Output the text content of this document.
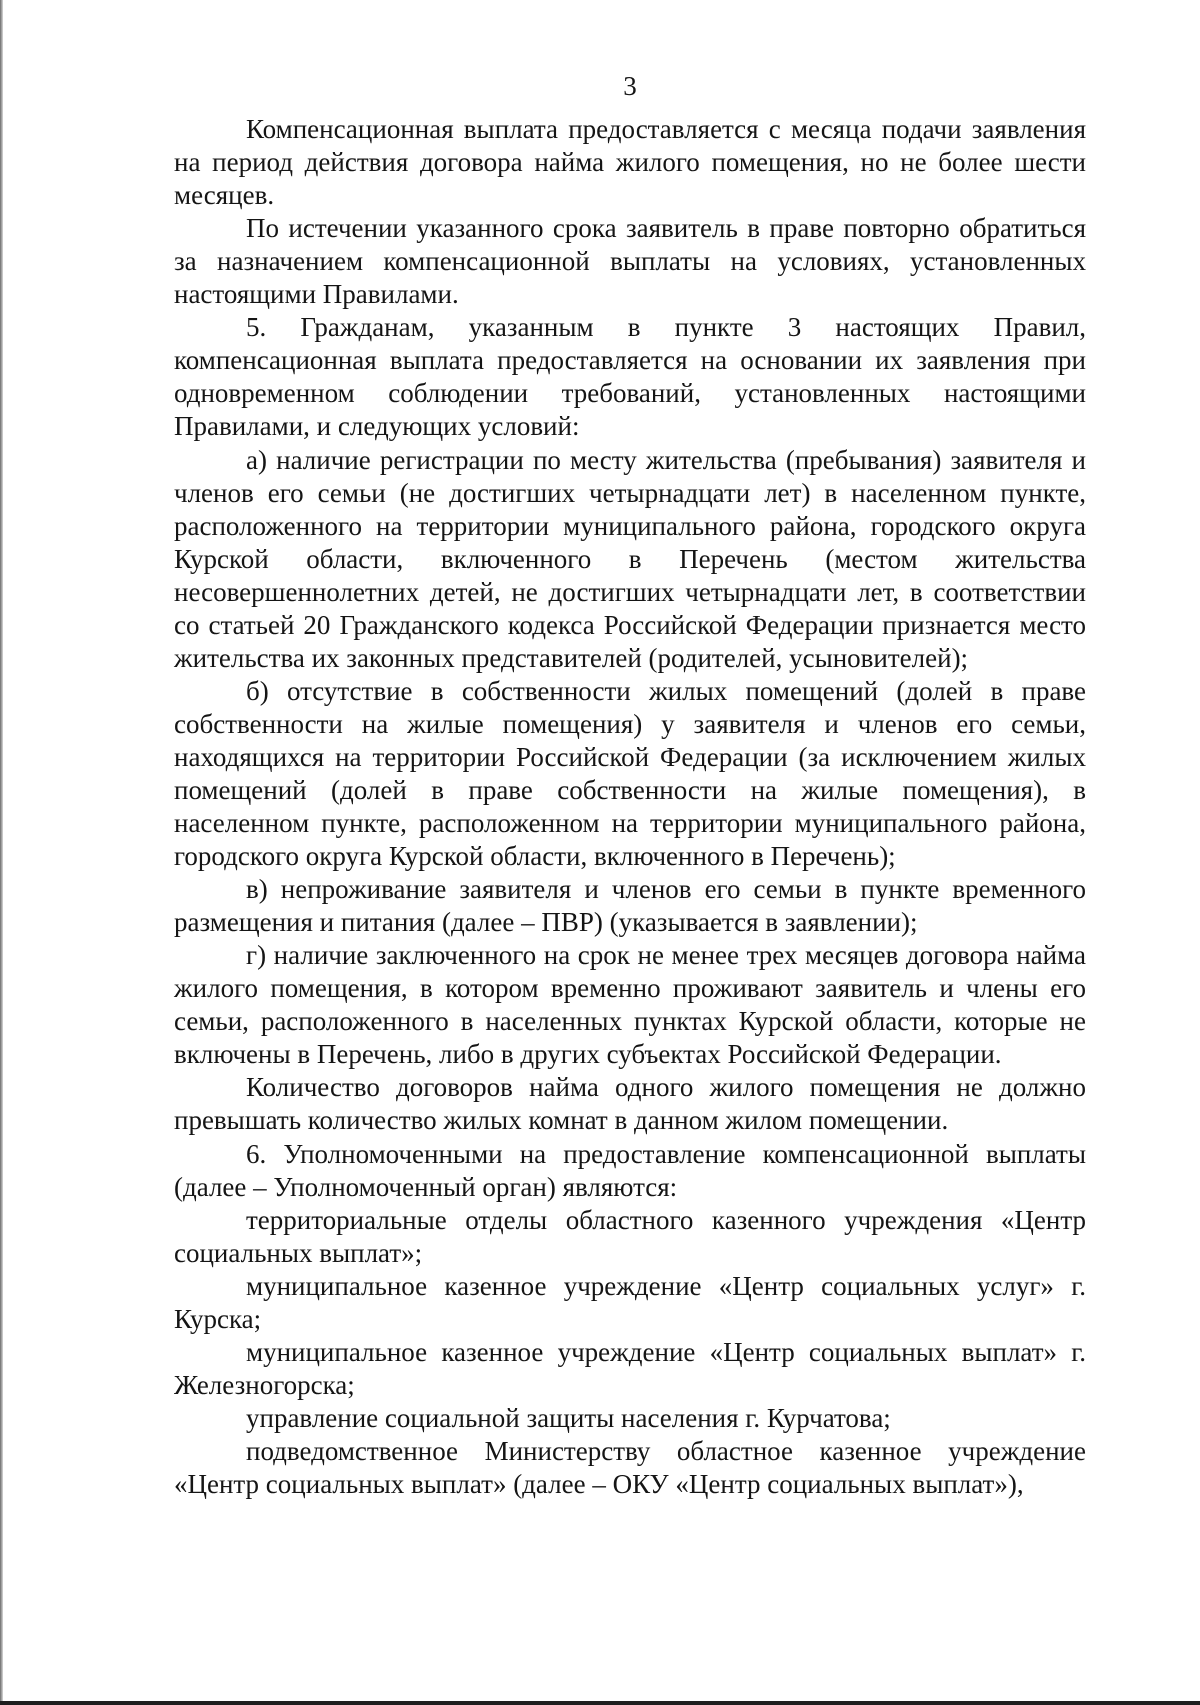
3

Компенсационная выплата предоставляется с месяца подачи заявления на период действия договора найма жилого помещения, но не более шести месяцев.

По истечении указанного срока заявитель в праве повторно обратиться за назначением компенсационной выплаты на условиях, установленных настоящими Правилами.

5. Гражданам, указанным в пункте 3 настоящих Правил, компенсационная выплата предоставляется на основании их заявления при одновременном соблюдении требований, установленных настоящими Правилами, и следующих условий:

а) наличие регистрации по месту жительства (пребывания) заявителя и членов его семьи (не достигших четырнадцати лет) в населенном пункте, расположенного на территории муниципального района, городского округа Курской области, включенного в Перечень (местом жительства несовершеннолетних детей, не достигших четырнадцати лет, в соответствии со статьей 20 Гражданского кодекса Российской Федерации признается место жительства их законных представителей (родителей, усыновителей);

б) отсутствие в собственности жилых помещений (долей в праве собственности на жилые помещения) у заявителя и членов его семьи, находящихся на территории Российской Федерации (за исключением жилых помещений (долей в праве собственности на жилые помещения), в населенном пункте, расположенном на территории муниципального района, городского округа Курской области, включенного в Перечень);

в) непроживание заявителя и членов его семьи в пункте временного размещения и питания (далее – ПВР) (указывается в заявлении);

г) наличие заключенного на срок не менее трех месяцев договора найма жилого помещения, в котором временно проживают заявитель и члены его семьи, расположенного в населенных пунктах Курской области, которые не включены в Перечень, либо в других субъектах Российской Федерации.

Количество договоров найма одного жилого помещения не должно превышать количество жилых комнат в данном жилом помещении.

6. Уполномоченными на предоставление компенсационной выплаты (далее – Уполномоченный орган) являются:

территориальные отделы областного казенного учреждения «Центр социальных выплат»;

муниципальное казенное учреждение «Центр социальных услуг» г. Курска;

муниципальное казенное учреждение «Центр социальных выплат» г. Железногорска;

управление социальной защиты населения г. Курчатова;

подведомственное Министерству областное казенное учреждение «Центр социальных выплат» (далее – ОКУ «Центр социальных выплат»),
